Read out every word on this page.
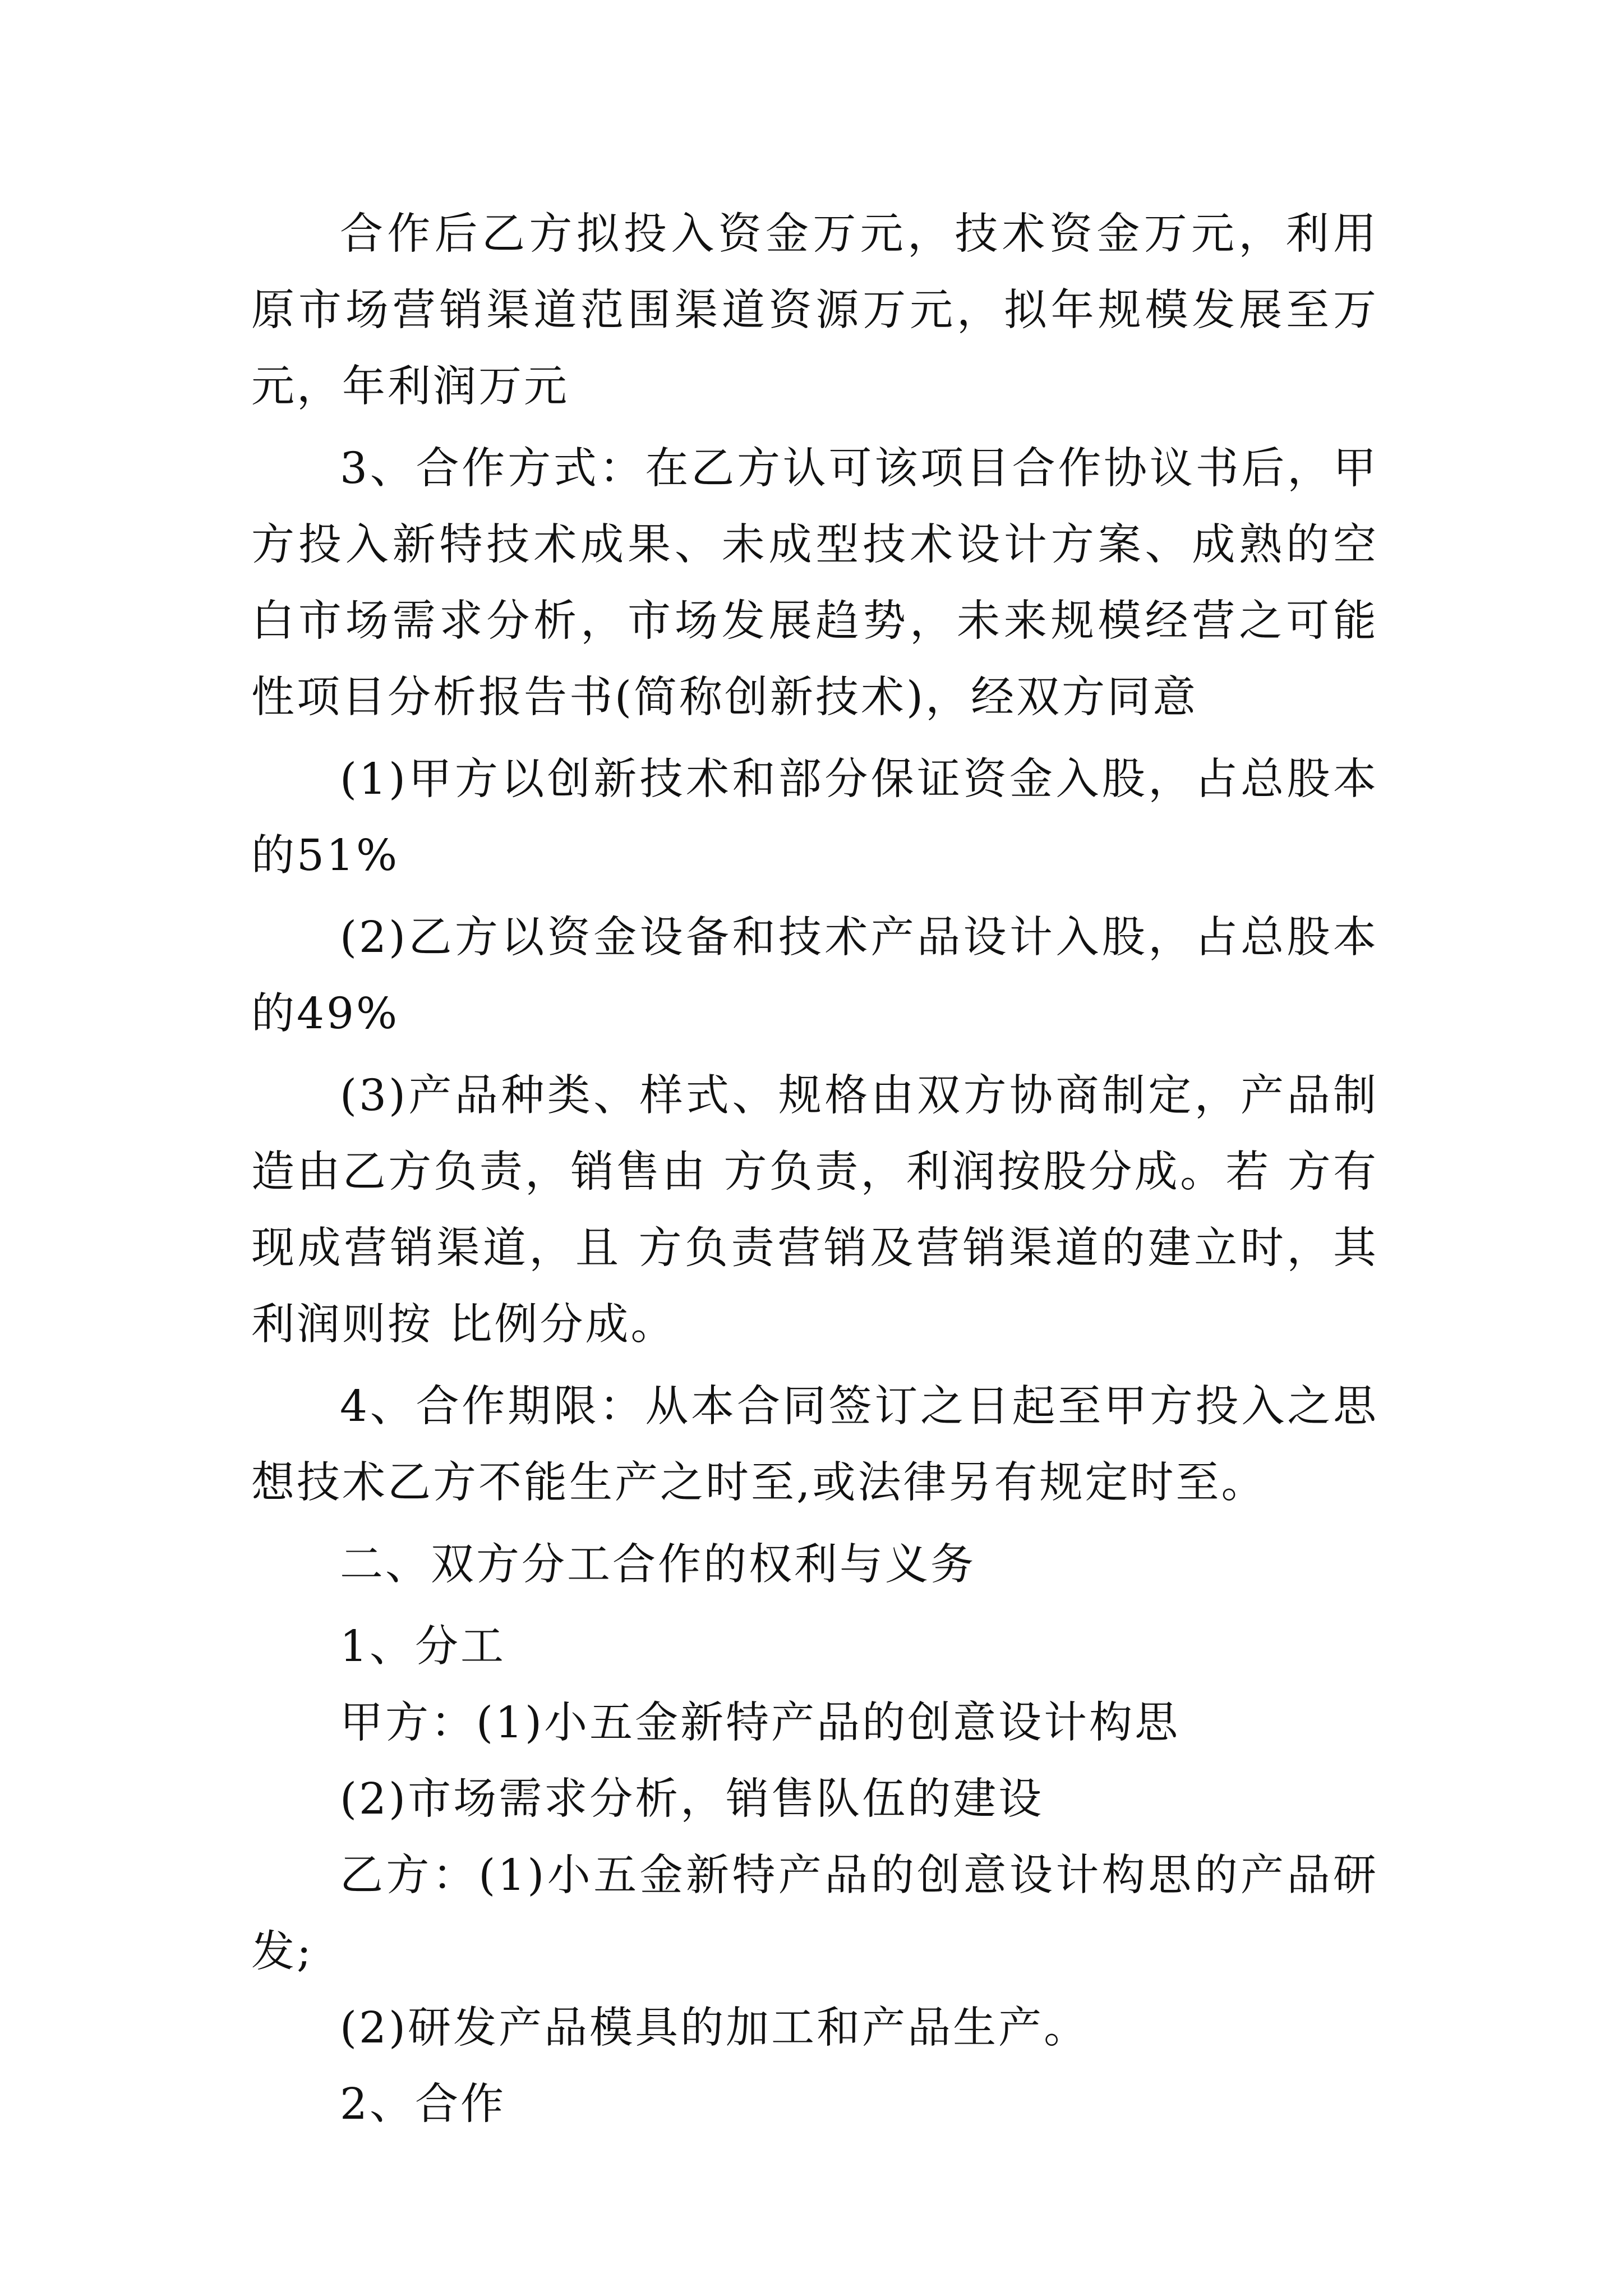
合作后乙方拟投入资金万元，技术资金万元，利用原市场营销渠道范围渠道资源万元，拟年规模发展至万元，年利润万元

3、合作方式：在乙方认可该项目合作协议书后，甲方投入新特技术成果、未成型技术设计方案、成熟的空白市场需求分析，市场发展趋势，未来规模经营之可能性项目分析报告书(简称创新技术)，经双方同意

(1)甲方以创新技术和部分保证资金入股，占总股本的51%

(2)乙方以资金设备和技术产品设计入股，占总股本的49%

(3)产品种类、样式、规格由双方协商制定，产品制造由乙方负责，销售由 方负责，利润按股分成。若 方有现成营销渠道，且 方负责营销及营销渠道的建立时，其利润则按 比例分成。

4、合作期限：从本合同签订之日起至甲方投入之思想技术乙方不能生产之时至,或法律另有规定时至。

二、双方分工合作的权利与义务

1、分工

甲方：(1)小五金新特产品的创意设计构思

(2)市场需求分析，销售队伍的建设

乙方：(1)小五金新特产品的创意设计构思的产品研发;

(2)研发产品模具的加工和产品生产。

2、合作
